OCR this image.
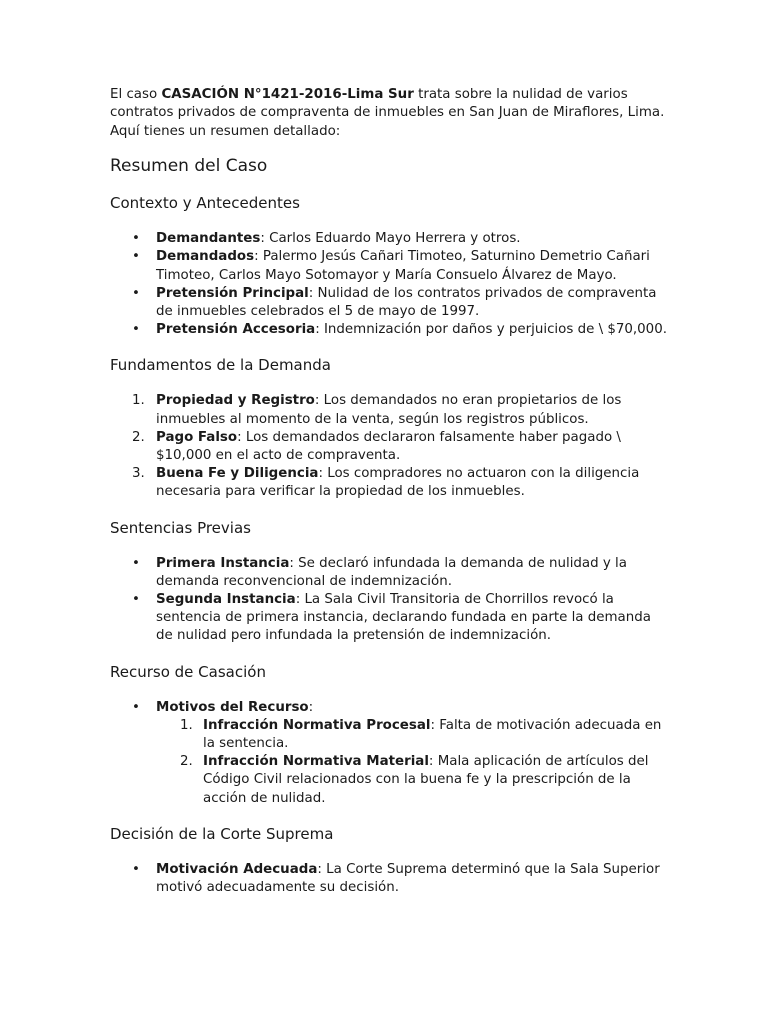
El caso CASACIÓN N°1421-2016-Lima Sur trata sobre la nulidad de varios contratos privados de compraventa de inmuebles en San Juan de Miraflores, Lima. Aquí tienes un resumen detallado:

Resumen del Caso
Contexto y Antecedentes
• Demandantes: Carlos Eduardo Mayo Herrera y otros.
• Demandados: Palermo Jesús Cañari Timoteo, Saturnino Demetrio Cañari Timoteo, Carlos Mayo Sotomayor y María Consuelo Álvarez de Mayo.
• Pretensión Principal: Nulidad de los contratos privados de compraventa de inmuebles celebrados el 5 de mayo de 1997.
• Pretensión Accesoria: Indemnización por daños y perjuicios de \ $70,000.
Fundamentos de la Demanda
1. Propiedad y Registro: Los demandados no eran propietarios de los inmuebles al momento de la venta, según los registros públicos.
2. Pago Falso: Los demandados declararon falsamente haber pagado \ $10,000 en el acto de compraventa.
3. Buena Fe y Diligencia: Los compradores no actuaron con la diligencia necesaria para verificar la propiedad de los inmuebles.
Sentencias Previas
• Primera Instancia: Se declaró infundada la demanda de nulidad y la demanda reconvencional de indemnización.
• Segunda Instancia: La Sala Civil Transitoria de Chorrillos revocó la sentencia de primera instancia, declarando fundada en parte la demanda de nulidad pero infundada la pretensión de indemnización.
Recurso de Casación
• Motivos del Recurso:
1. Infracción Normativa Procesal: Falta de motivación adecuada en la sentencia.
2. Infracción Normativa Material: Mala aplicación de artículos del Código Civil relacionados con la buena fe y la prescripción de la acción de nulidad.
Decisión de la Corte Suprema
• Motivación Adecuada: La Corte Suprema determinó que la Sala Superior motivó adecuadamente su decisión.
